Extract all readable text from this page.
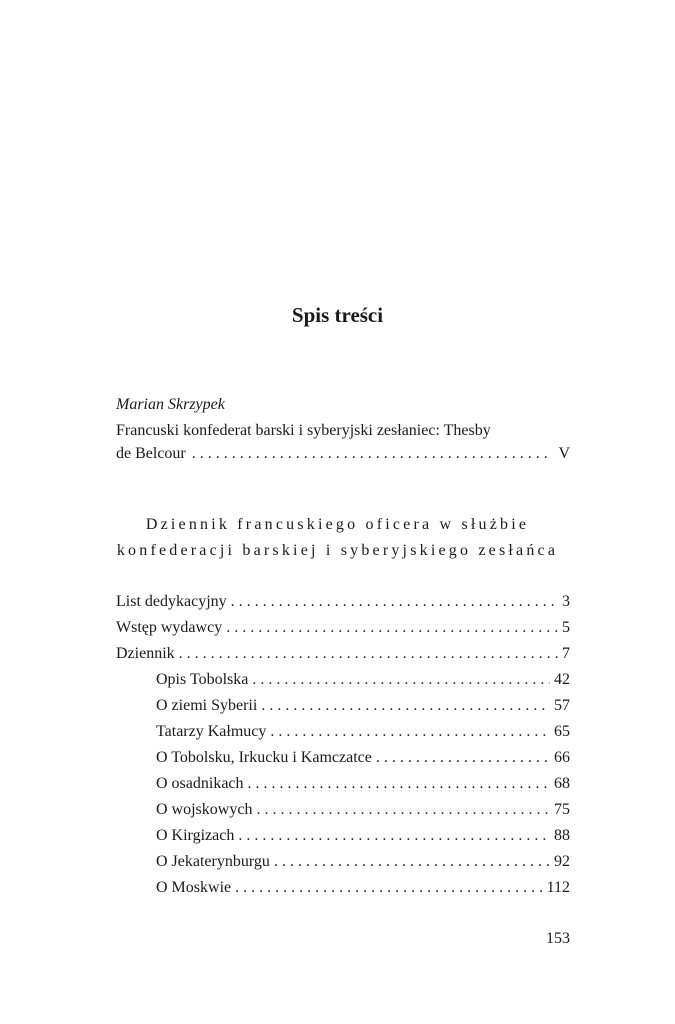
Spis treści
Marian Skrzypek
Francuski konfederat barski i syberyjski zesłaniec: Thesby
de Belcour . . .	V
Dziennik francuskiego oficera w służbie
konfederacji barskiej i syberyjskiego zesłańca
List dedykacyjny . . .	3
Wstęp wydawcy . . .	5
Dziennik . . .	7
Opis Tobolska . . .	42
O ziemi Syberii . . .	57
Tatarzy Kałmucy . . .	65
O Tobolsku, Irkucku i Kamczatce . . .	66
O osadnikach . . .	68
O wojskowych . . .	75
O Kirgizach . . .	88
O Jekaterynburgu . . .	92
O Moskwie . . .	112
153
